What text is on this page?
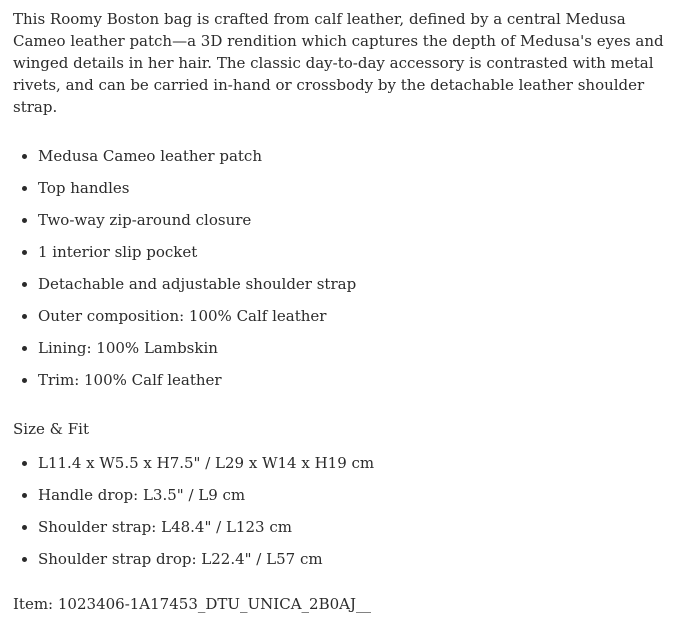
This Roomy Boston bag is crafted from calf leather, defined by a central Medusa Cameo leather patch—a 3D rendition which captures the depth of Medusa's eyes and winged details in her hair. The classic day-to-day accessory is contrasted with metal rivets, and can be carried in-hand or crossbody by the detachable leather shoulder strap.

• Medusa Cameo leather patch
• Top handles
• Two-way zip-around closure
• 1 interior slip pocket
• Detachable and adjustable shoulder strap
• Outer composition: 100% Calf leather
• Lining: 100% Lambskin
• Trim: 100% Calf leather

Size & Fit

• L11.4 x W5.5 x H7.5" / L29 x W14 x H19 cm
• Handle drop: L3.5" / L9 cm
• Shoulder strap: L48.4" / L123 cm
• Shoulder strap drop: L22.4" / L57 cm

Item: 1023406-1A17453_DTU_UNICA_2B0AJ__
